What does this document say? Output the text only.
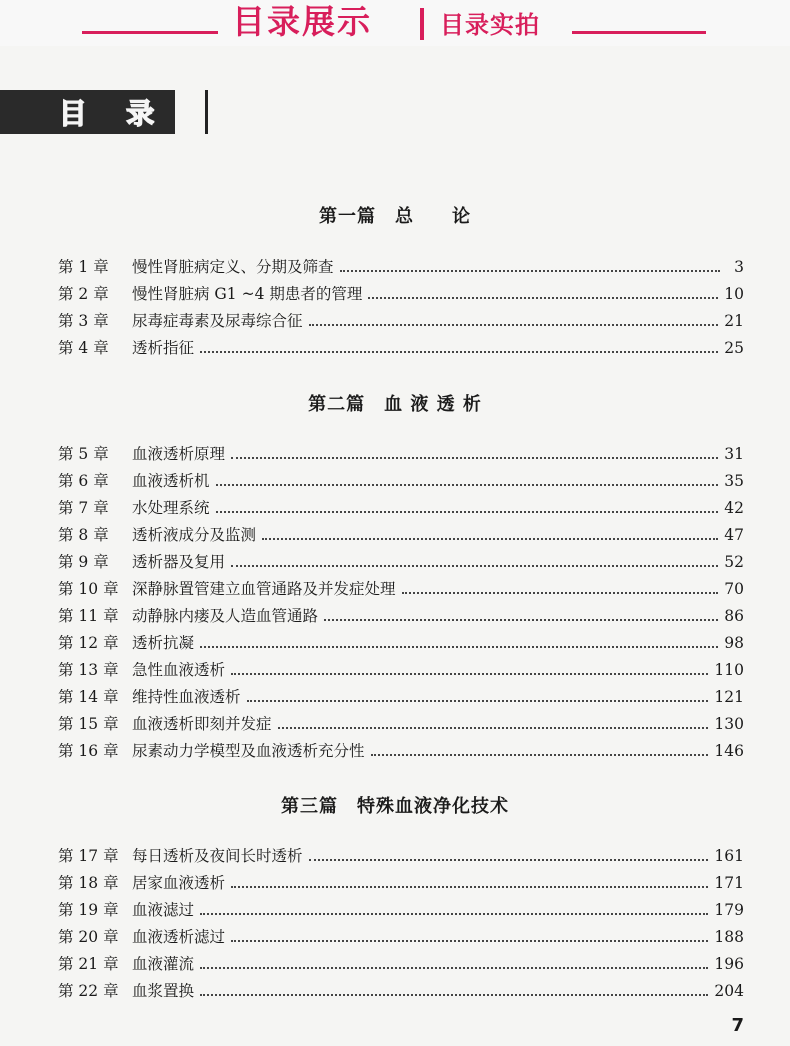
目录展示	目录实拍
目 录
第一篇　总　　论
第 1 章	慢性肾脏病定义、分期及筛查	3
第 2 章	慢性肾脏病 G1 ~4 期患者的管理	10
第 3 章	尿毒症毒素及尿毒综合征	21
第 4 章	透析指征	25
第二篇　血 液 透 析
第 5 章	血液透析原理	31
第 6 章	血液透析机	35
第 7 章	水处理系统	42
第 8 章	透析液成分及监测	47
第 9 章	透析器及复用	52
第 10 章 深静脉置管建立血管通路及并发症处理	70
第 11 章 动静脉内瘘及人造血管通路	86
第 12 章 透析抗凝	98
第 13 章 急性血液透析	110
第 14 章 维持性血液透析	121
第 15 章 血液透析即刻并发症	130
第 16 章 尿素动力学模型及血液透析充分性	146
第三篇　特殊血液净化技术
第 17 章 每日透析及夜间长时透析	161
第 18 章 居家血液透析	171
第 19 章 血液滤过	179
第 20 章 血液透析滤过	188
第 21 章 血液灌流	196
第 22 章 血浆置换	204
7
